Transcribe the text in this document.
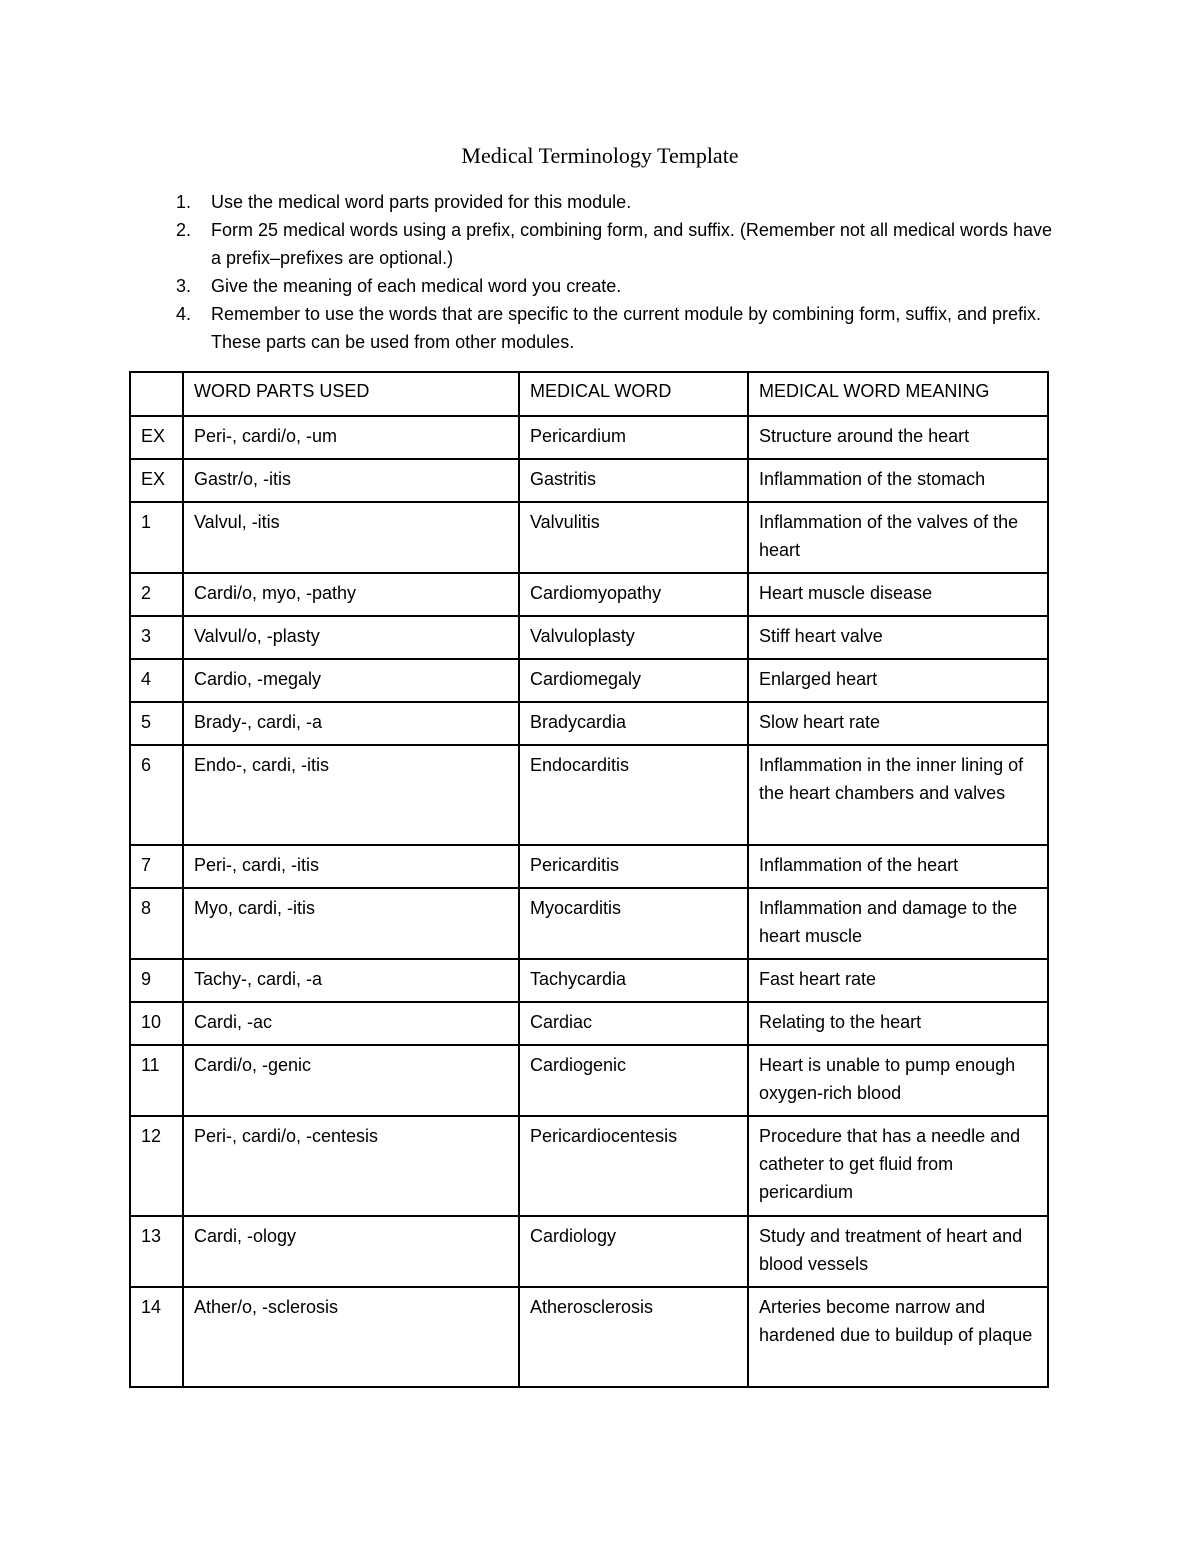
Medical Terminology Template
1. Use the medical word parts provided for this module.
2. Form 25 medical words using a prefix, combining form, and suffix. (Remember not all medical words have a prefix–prefixes are optional.)
3. Give the meaning of each medical word you create.
4. Remember to use the words that are specific to the current module by combining form, suffix, and prefix. These parts can be used from other modules.
	WORD PARTS USED	MEDICAL WORD	MEDICAL WORD MEANING
EX	Peri-, cardi/o, -um	Pericardium	Structure around the heart
EX	Gastr/o, -itis	Gastritis	Inflammation of the stomach
1	Valvul, -itis	Valvulitis	Inflammation of the valves of the heart
2	Cardi/o, myo, -pathy	Cardiomyopathy	Heart muscle disease
3	Valvul/o, -plasty	Valvuloplasty	Stiff heart valve
4	Cardio, -megaly	Cardiomegaly	Enlarged heart
5	Brady-, cardi, -a	Bradycardia	Slow heart rate
6	Endo-, cardi, -itis	Endocarditis	Inflammation in the inner lining of the heart chambers and valves
7	Peri-, cardi, -itis	Pericarditis	Inflammation of the heart
8	Myo, cardi, -itis	Myocarditis	Inflammation and damage to the heart muscle
9	Tachy-, cardi, -a	Tachycardia	Fast heart rate
10	Cardi, -ac	Cardiac	Relating to the heart
11	Cardi/o, -genic	Cardiogenic	Heart is unable to pump enough oxygen-rich blood
12	Peri-, cardi/o, -centesis	Pericardiocentesis	Procedure that has a needle and catheter to get fluid from pericardium
13	Cardi, -ology	Cardiology	Study and treatment of heart and blood vessels
14	Ather/o, -sclerosis	Atherosclerosis	Arteries become narrow and hardened due to buildup of plaque
